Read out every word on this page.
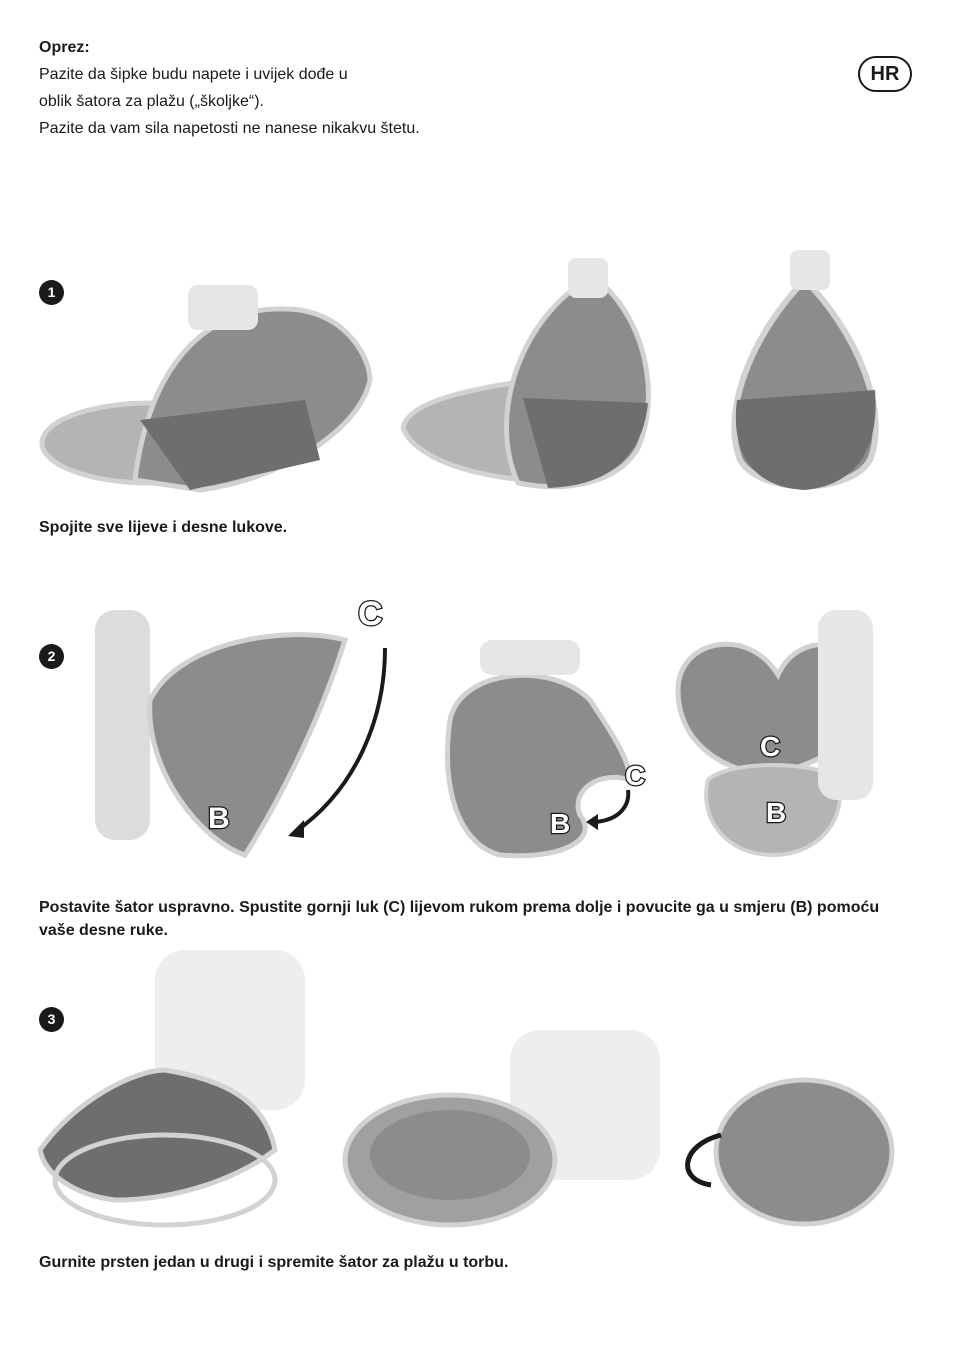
Oprez:
Pazite da šipke budu napete i uvijek dođe u
oblik šatora za plažu („školjke“).
Pazite da vam sila napetosti ne nanese nikakvu štetu.
HR
1
Spojite sve lijeve i desne lukove.
2
B
C
B
C
C
B
Postavite šator uspravno. Spustite gornji luk (C) lijevom rukom prema dolje i povucite ga u smjeru (B) pomoću vaše desne ruke.
3
Gurnite prsten jedan u drugi i spremite šator za plažu u torbu.
